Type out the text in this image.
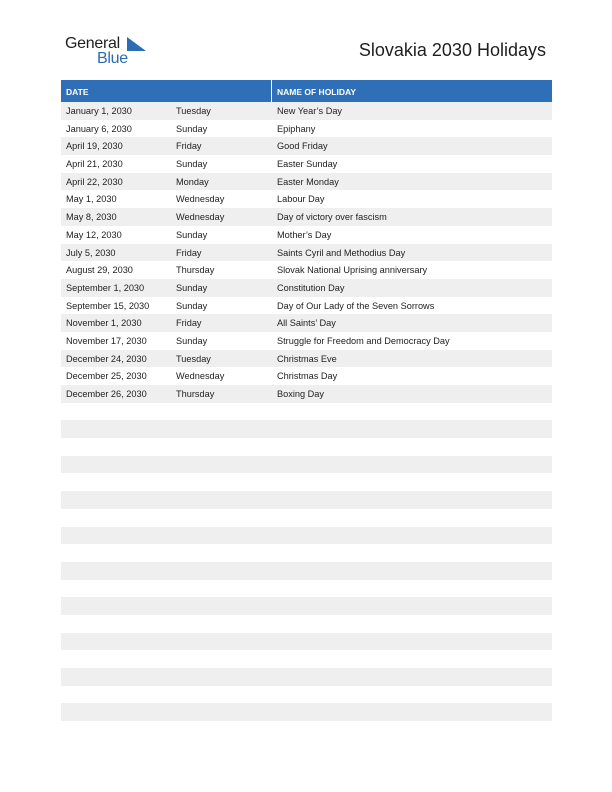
General
Blue	Slovakia 2030 Holidays
DATE	NAME OF HOLIDAY
January 1, 2030	Tuesday	New Year’s Day
January 6, 2030	Sunday	Epiphany
April 19, 2030	Friday	Good Friday
April 21, 2030	Sunday	Easter Sunday
April 22, 2030	Monday	Easter Monday
May 1, 2030	Wednesday	Labour Day
May 8, 2030	Wednesday	Day of victory over fascism
May 12, 2030	Sunday	Mother’s Day
July 5, 2030	Friday	Saints Cyril and Methodius Day
August 29, 2030	Thursday	Slovak National Uprising anniversary
September 1, 2030	Sunday	Constitution Day
September 15, 2030	Sunday	Day of Our Lady of the Seven Sorrows
November 1, 2030	Friday	All Saints’ Day
November 17, 2030	Sunday	Struggle for Freedom and Democracy Day
December 24, 2030	Tuesday	Christmas Eve
December 25, 2030	Wednesday	Christmas Day
December 26, 2030	Thursday	Boxing Day
